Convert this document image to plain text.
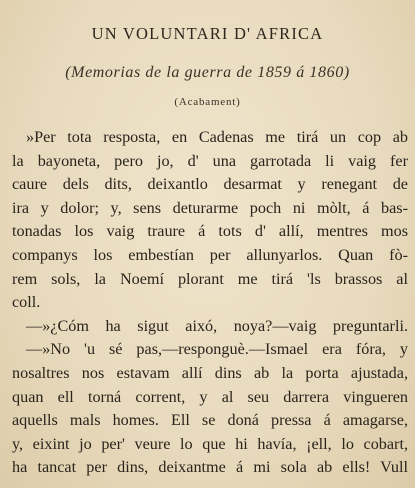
UN VOLUNTARI D' AFRICA
(Memorias de la guerra de 1859 á 1860)
(Acabament)
»Per tota resposta, en Cadenas me tirá un cop ab
la bayoneta, pero jo, d' una garrotada li vaig fer
caure dels dits, deixantlo desarmat y renegant de
ira y dolor; y, sens deturarme poch ni mòlt, á bas-
tonadas los vaig traure á tots d' allí, mentres mos
companys los embestían per allunyarlos. Quan fò-
rem sols, la Noemí plorant me tirá 'ls brassos al
coll.
—»¿Cóm ha sigut aixó, noya?—vaig preguntarli.
—»No 'u sé pas,—responguè.—Ismael era fóra, y
nosaltres nos estavam allí dins ab la porta ajustada,
quan ell torná corrent, y al seu darrera vingueren
aquells mals homes. Ell se doná pressa á amagarse,
y, eixint jo per' veure lo que hi havía, ¡ell, lo cobart,
ha tancat per dins, deixantme á mi sola ab ells! Vull
